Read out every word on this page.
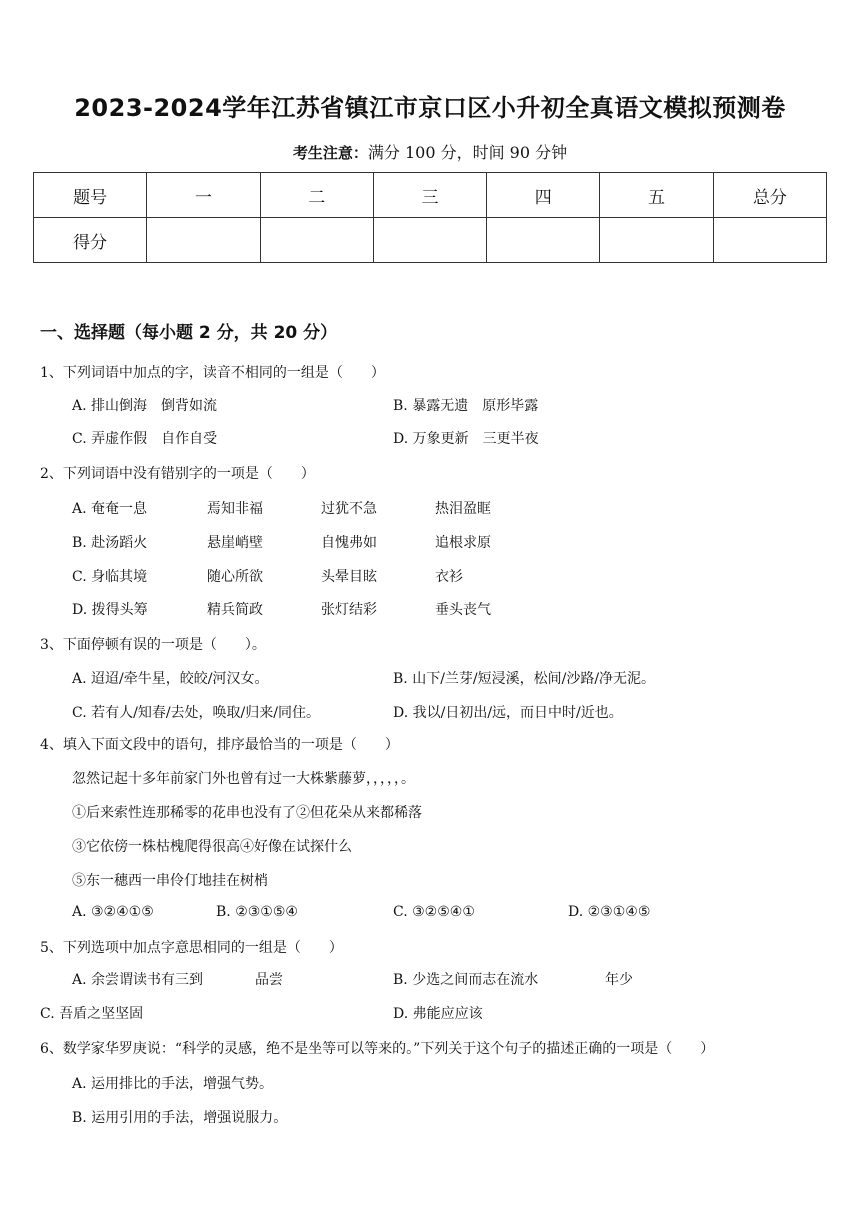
2023-2024学年江苏省镇江市京口区小升初全真语文模拟预测卷
考生注意：满分 100 分，时间 90 分钟
题号	一	二	三	四	五	总分
得分						
一、选择题（每小题 2 分，共 20 分）
1、下列词语中加点的字，读音不相同的一组是（　　）
A. 排山倒海　倒背如流	B. 暴露无遗　原形毕露
C. 弄虚作假　自作自受	D. 万象更新　三更半夜
2、下列词语中没有错别字的一项是（　　）
A. 奄奄一息	焉知非福	过犹不急	热泪盈眶
B. 赴汤蹈火	悬崖峭壁	自愧弗如	追根求原
C. 身临其境	随心所欲	头晕目眩	衣衫
D. 拨得头筹	精兵简政	张灯结彩	垂头丧气
3、下面停顿有误的一项是（　　）。
A. 迢迢/牵牛星，皎皎/河汉女。	B. 山下/兰芽/短浸溪，松间/沙路/净无泥。
C. 若有人/知春/去处，唤取/归来/同住。	D. 我以/日初出/远，而日中时/近也。
4、填入下面文段中的语句，排序最恰当的一项是（　　）
忽然记起十多年前家门外也曾有过一大株紫藤萝，，，，，。
①后来索性连那稀零的花串也没有了②但花朵从来都稀落
③它依傍一株枯槐爬得很高④好像在试探什么
⑤东一穗西一串伶仃地挂在树梢
A. ③②④①⑤	B. ②③①⑤④	C. ③②⑤④①	D. ②③①④⑤
5、下列选项中加点字意思相同的一组是（　　）
A. 余尝谓读书有三到	品尝	B. 少选之间而志在流水	年少
C. 吾盾之坚坚固	D. 弗能应应该
6、数学家华罗庚说：“科学的灵感，绝不是坐等可以等来的。”下列关于这个句子的描述正确的一项是（　　）
A. 运用排比的手法，增强气势。
B. 运用引用的手法，增强说服力。
